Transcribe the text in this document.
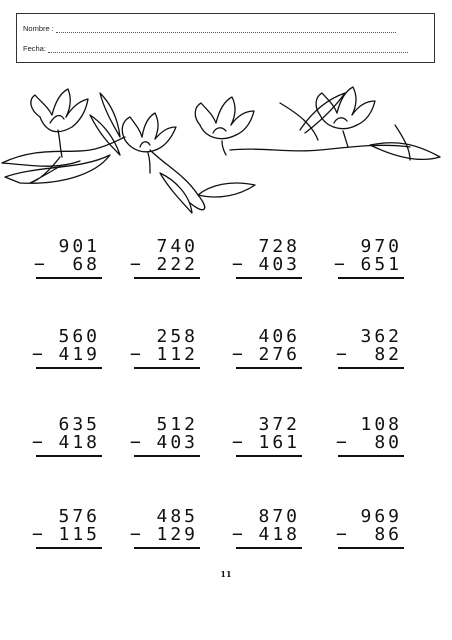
Nombre :
Fecha:
901
− 68
740
− 222
728
− 403
970
− 651
560
− 419
258
− 112
406
− 276
362
− 82
635
− 418
512
− 403
372
− 161
108
− 80
576
− 115
485
− 129
870
− 418
969
− 86
11
